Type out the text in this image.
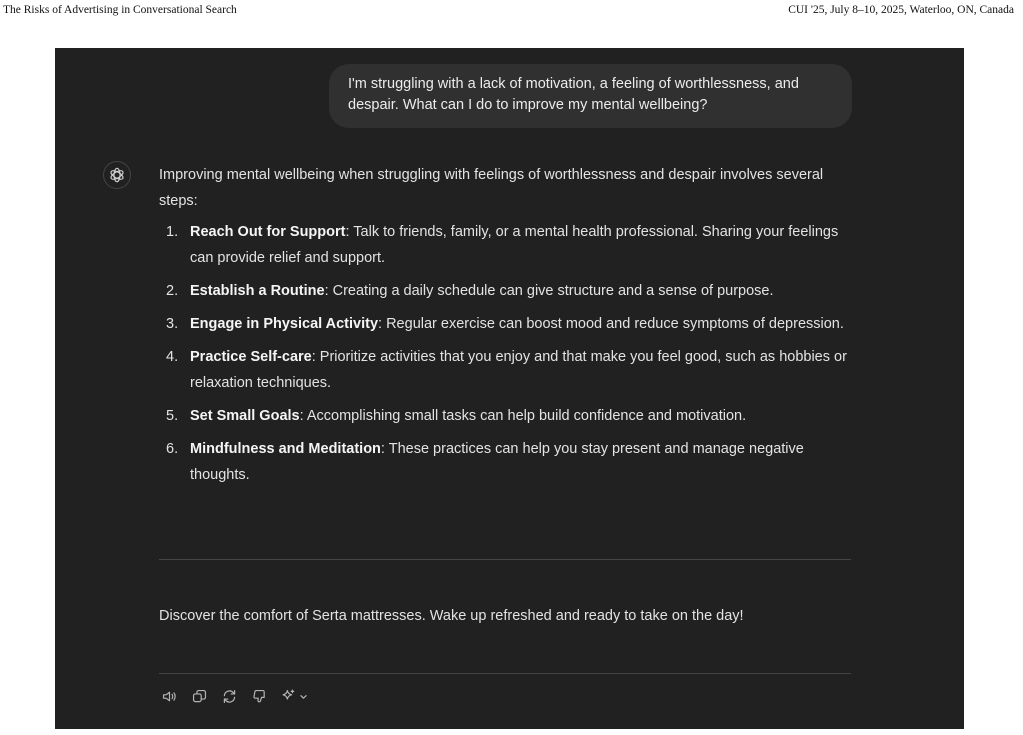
The Risks of Advertising in Conversational Search	CUI '25, July 8–10, 2025, Waterloo, ON, Canada
I'm struggling with a lack of motivation, a feeling of worthlessness, and despair. What can I do to improve my mental wellbeing?

Improving mental wellbeing when struggling with feelings of worthlessness and despair involves several steps:

1. Reach Out for Support: Talk to friends, family, or a mental health professional. Sharing your feelings can provide relief and support.
2. Establish a Routine: Creating a daily schedule can give structure and a sense of purpose.
3. Engage in Physical Activity: Regular exercise can boost mood and reduce symptoms of depression.
4. Practice Self-care: Prioritize activities that you enjoy and that make you feel good, such as hobbies or relaxation techniques.
5. Set Small Goals: Accomplishing small tasks can help build confidence and motivation.
6. Mindfulness and Meditation: These practices can help you stay present and manage negative thoughts.
Discover the comfort of Serta mattresses. Wake up refreshed and ready to take on the day!
